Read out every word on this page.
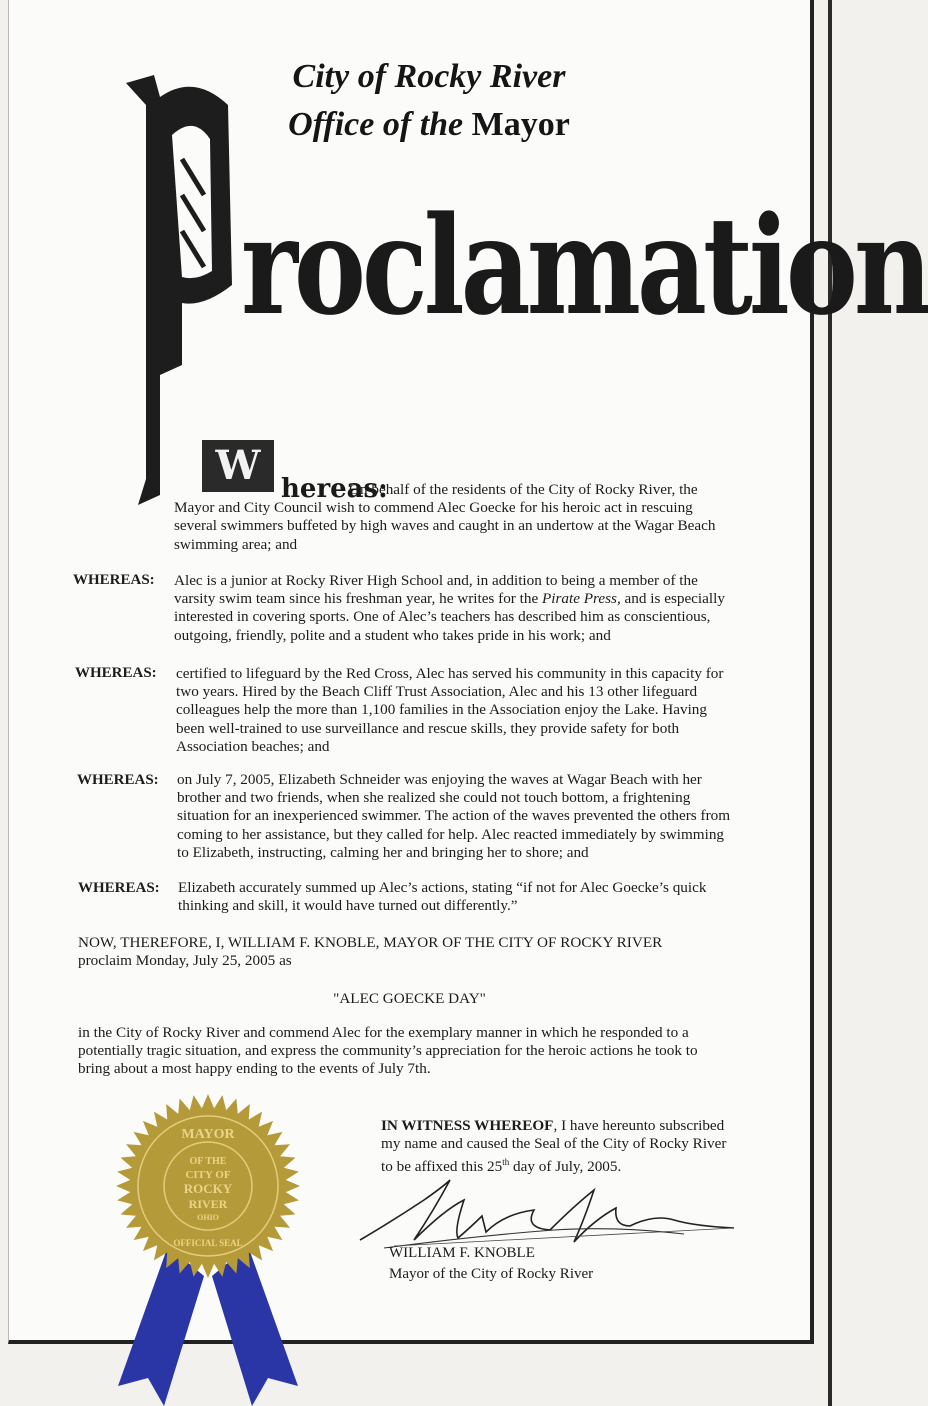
City of Rocky River
Office of the Mayor
P
roclamation
W hereas:
On behalf of the residents of the City of Rocky River, the Mayor and City Council wish to commend Alec Goecke for his heroic act in rescuing several swimmers buffeted by high waves and caught in an undertow at the Wagar Beach swimming area; and
WHEREAS: Alec is a junior at Rocky River High School and, in addition to being a member of the varsity swim team since his freshman year, he writes for the Pirate Press, and is especially interested in covering sports. One of Alec’s teachers has described him as conscientious, outgoing, friendly, polite and a student who takes pride in his work; and
WHEREAS: certified to lifeguard by the Red Cross, Alec has served his community in this capacity for two years. Hired by the Beach Cliff Trust Association, Alec and his 13 other lifeguard colleagues help the more than 1,100 families in the Association enjoy the Lake. Having been well-trained to use surveillance and rescue skills, they provide safety for both Association beaches; and
WHEREAS: on July 7, 2005, Elizabeth Schneider was enjoying the waves at Wagar Beach with her brother and two friends, when she realized she could not touch bottom, a frightening situation for an inexperienced swimmer. The action of the waves prevented the others from coming to her assistance, but they called for help. Alec reacted immediately by swimming to Elizabeth, instructing, calming her and bringing her to shore; and
WHEREAS: Elizabeth accurately summed up Alec’s actions, stating “if not for Alec Goecke’s quick thinking and skill, it would have turned out differently.”
NOW, THEREFORE, I, WILLIAM F. KNOBLE, MAYOR OF THE CITY OF ROCKY RIVER proclaim Monday, July 25, 2005 as
"ALEC GOECKE DAY"
in the City of Rocky River and commend Alec for the exemplary manner in which he responded to a potentially tragic situation, and express the community’s appreciation for the heroic actions he took to bring about a most happy ending to the events of July 7th.
IN WITNESS WHEREOF, I have hereunto subscribed my name and caused the Seal of the City of Rocky River to be affixed this 25th day of July, 2005.
WILLIAM F. KNOBLE
Mayor of the City of Rocky River
MAYOR
OF THE
CITY OF
ROCKY
RIVER
OHIO
OFFICIAL SEAL
